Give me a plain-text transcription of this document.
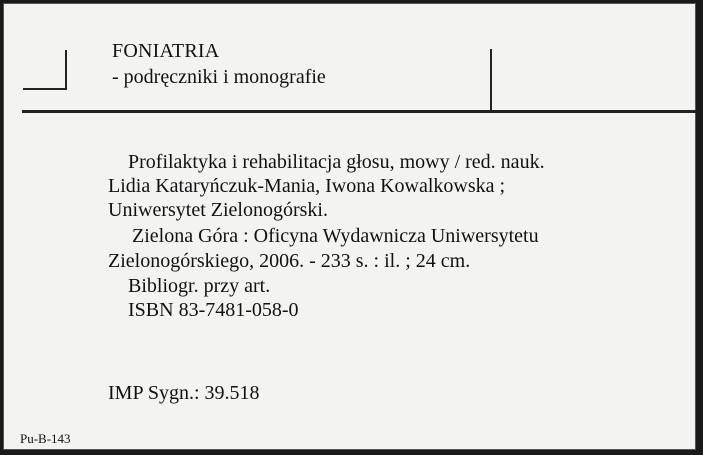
FONIATRIA
- podręczniki i monografie
Profilaktyka i rehabilitacja głosu, mowy / red. nauk.
Lidia Kataryńczuk-Mania, Iwona Kowalkowska ;
Uniwersytet Zielonogórski.
Zielona Góra : Oficyna Wydawnicza Uniwersytetu
Zielonogórskiego, 2006. - 233 s. : il. ; 24 cm.
Bibliogr. przy art.
ISBN 83-7481-058-0
IMP Sygn.: 39.518
Pu-B-143
